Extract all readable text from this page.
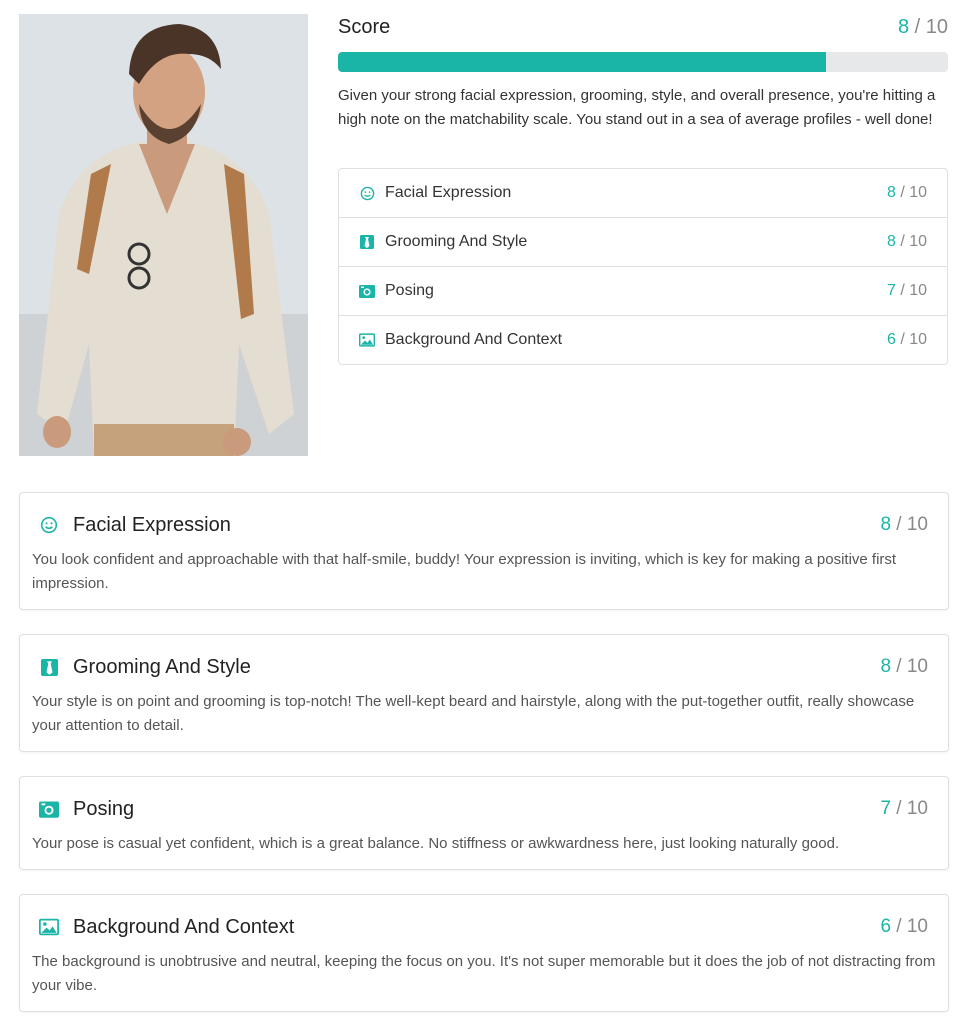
Score	8 / 10

Given your strong facial expression, grooming, style, and overall presence, you're hitting a high note on the matchability scale. You stand out in a sea of average profiles - well done!

Facial Expression	8 / 10
Grooming And Style	8 / 10
Posing	7 / 10
Background And Context	6 / 10
Facial Expression	8 / 10

You look confident and approachable with that half-smile, buddy! Your expression is inviting, which is key for making a positive first impression.

Grooming And Style	8 / 10

Your style is on point and grooming is top-notch! The well-kept beard and hairstyle, along with the put-together outfit, really showcase your attention to detail.

Posing	7 / 10

Your pose is casual yet confident, which is a great balance. No stiffness or awkwardness here, just looking naturally good.

Background And Context	6 / 10

The background is unobtrusive and neutral, keeping the focus on you. It's not super memorable but it does the job of not distracting from your vibe.
